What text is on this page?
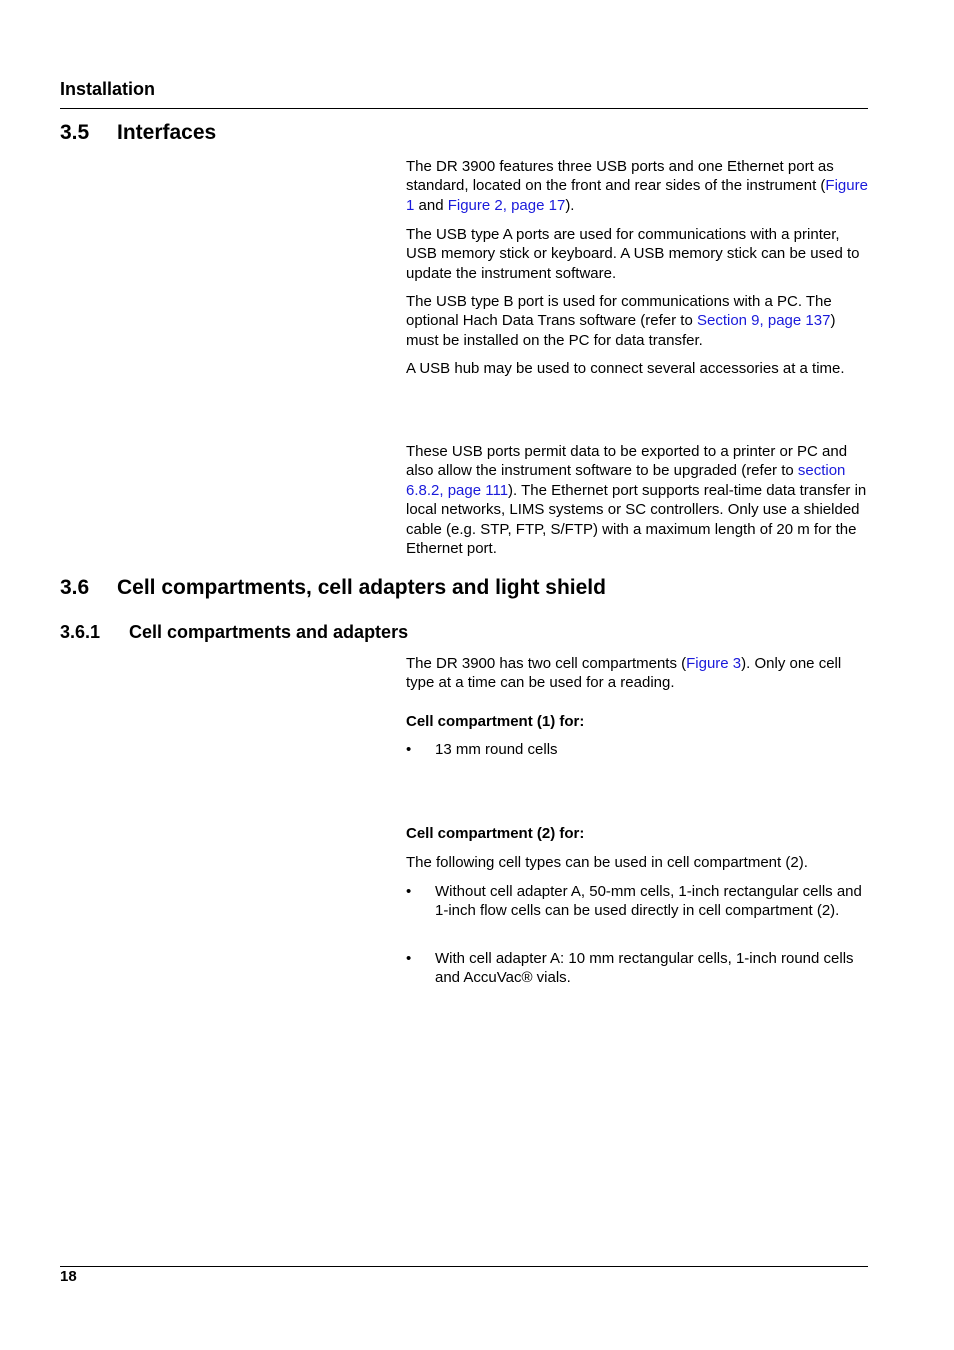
Installation
3.5 Interfaces
The DR 3900 features three USB ports and one Ethernet port as standard, located on the front and rear sides of the instrument (Figure 1 and Figure 2, page 17).
The USB type A ports are used for communications with a printer, USB memory stick or keyboard. A USB memory stick can be used to update the instrument software.
The USB type B port is used for communications with a PC. The optional Hach Data Trans software (refer to Section 9, page 137) must be installed on the PC for data transfer.
A USB hub may be used to connect several accessories at a time.
These USB ports permit data to be exported to a printer or PC and also allow the instrument software to be upgraded (refer to section 6.8.2, page 111). The Ethernet port supports real-time data transfer in local networks, LIMS systems or SC controllers. Only use a shielded cable (e.g. STP, FTP, S/FTP) with a maximum length of 20 m for the Ethernet port.
3.6 Cell compartments, cell adapters and light shield
3.6.1 Cell compartments and adapters
The DR 3900 has two cell compartments (Figure 3). Only one cell type at a time can be used for a reading.
Cell compartment (1) for:
• 13 mm round cells
Cell compartment (2) for:
The following cell types can be used in cell compartment (2).
• Without cell adapter A, 50-mm cells, 1-inch rectangular cells and 1-inch flow cells can be used directly in cell compartment (2).
• With cell adapter A: 10 mm rectangular cells, 1-inch round cells and AccuVac® vials.
18
